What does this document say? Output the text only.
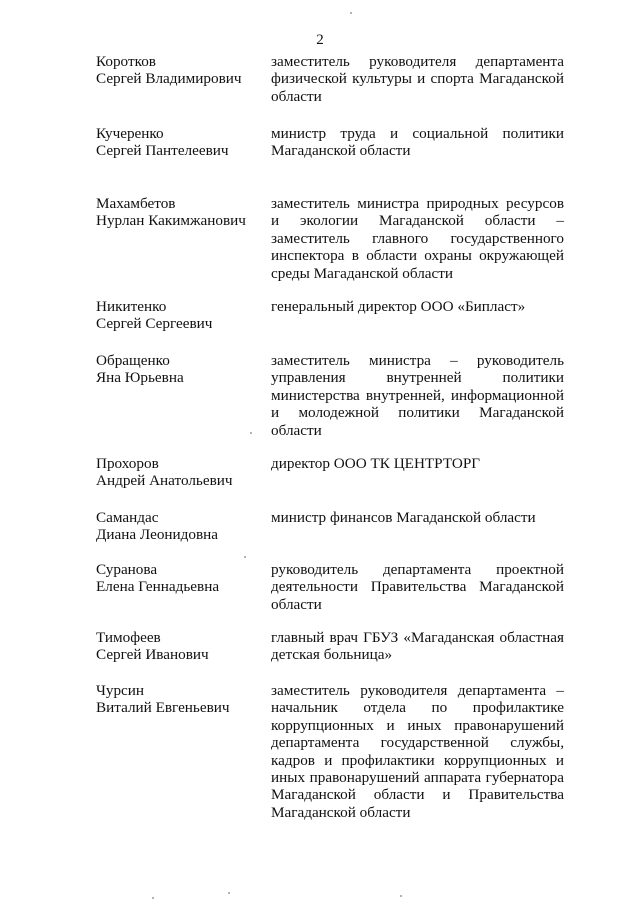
2
Коротков
Сергей Владимирович
заместитель руководителя департамента
физической культуры и спорта Магаданской
области
Кучеренко
Сергей Пантелеевич
министр труда и социальной политики
Магаданской области
Махамбетов
Нурлан Какимжанович
заместитель министра природных ресурсов
и экологии Магаданской области –
заместитель главного государственного
инспектора в области охраны окружающей
среды Магаданской области
Никитенко
Сергей Сергеевич
генеральный директор ООО «Бипласт»
Обращенко
Яна Юрьевна
заместитель министра – руководитель
управления внутренней политики
министерства внутренней, информационной
и молодежной политики Магаданской
области
Прохоров
Андрей Анатольевич
директор ООО ТК ЦЕНТРТОРГ
Самандас
Диана Леонидовна
министр финансов Магаданской области
Суранова
Елена Геннадьевна
руководитель департамента проектной
деятельности Правительства Магаданской
области
Тимофеев
Сергей Иванович
главный врач ГБУЗ «Магаданская областная
детская больница»
Чурсин
Виталий Евгеньевич
заместитель руководителя департамента –
начальник отдела по профилактике
коррупционных и иных правонарушений
департамента государственной службы,
кадров и профилактики коррупционных и
иных правонарушений аппарата губернатора
Магаданской области и Правительства
Магаданской области
